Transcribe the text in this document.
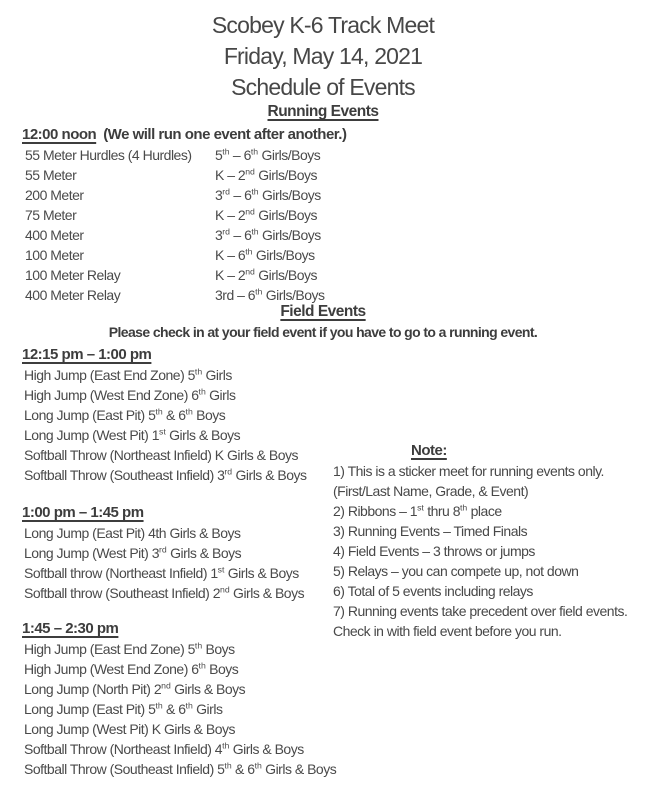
Scobey K-6 Track Meet
Friday, May 14, 2021
Schedule of Events
Running Events
12:00 noon (We will run one event after another.)
55 Meter Hurdles (4 Hurdles)	5th – 6th Girls/Boys
55 Meter	K – 2nd Girls/Boys
200 Meter	3rd – 6th Girls/Boys
75 Meter	K – 2nd Girls/Boys
400 Meter	3rd – 6th Girls/Boys
100 Meter	K – 6th Girls/Boys
100 Meter Relay	K – 2nd Girls/Boys
400 Meter Relay	3rd – 6th Girls/Boys
Field Events
Please check in at your field event if you have to go to a running event.
12:15 pm – 1:00 pm
High Jump (East End Zone) 5th Girls
High Jump (West End Zone) 6th Girls
Long Jump (East Pit) 5th & 6th Boys
Long Jump (West Pit) 1st Girls & Boys
Softball Throw (Northeast Infield) K Girls & Boys
Softball Throw (Southeast Infield) 3rd Girls & Boys
1:00 pm – 1:45 pm
Long Jump (East Pit) 4th Girls & Boys
Long Jump (West Pit) 3rd Girls & Boys
Softball throw (Northeast Infield) 1st Girls & Boys
Softball throw (Southeast Infield) 2nd Girls & Boys
1:45 – 2:30 pm
High Jump (East End Zone) 5th Boys
High Jump (West End Zone) 6th Boys
Long Jump (North Pit) 2nd Girls & Boys
Long Jump (East Pit) 5th & 6th Girls
Long Jump (West Pit) K Girls & Boys
Softball Throw (Northeast Infield) 4th Girls & Boys
Softball Throw (Southeast Infield) 5th & 6th Girls & Boys
Note:
1) This is a sticker meet for running events only. (First/Last Name, Grade, & Event)
2) Ribbons – 1st thru 8th place
3) Running Events – Timed Finals
4) Field Events – 3 throws or jumps
5) Relays – you can compete up, not down
6) Total of 5 events including relays
7) Running events take precedent over field events. Check in with field event before you run.
